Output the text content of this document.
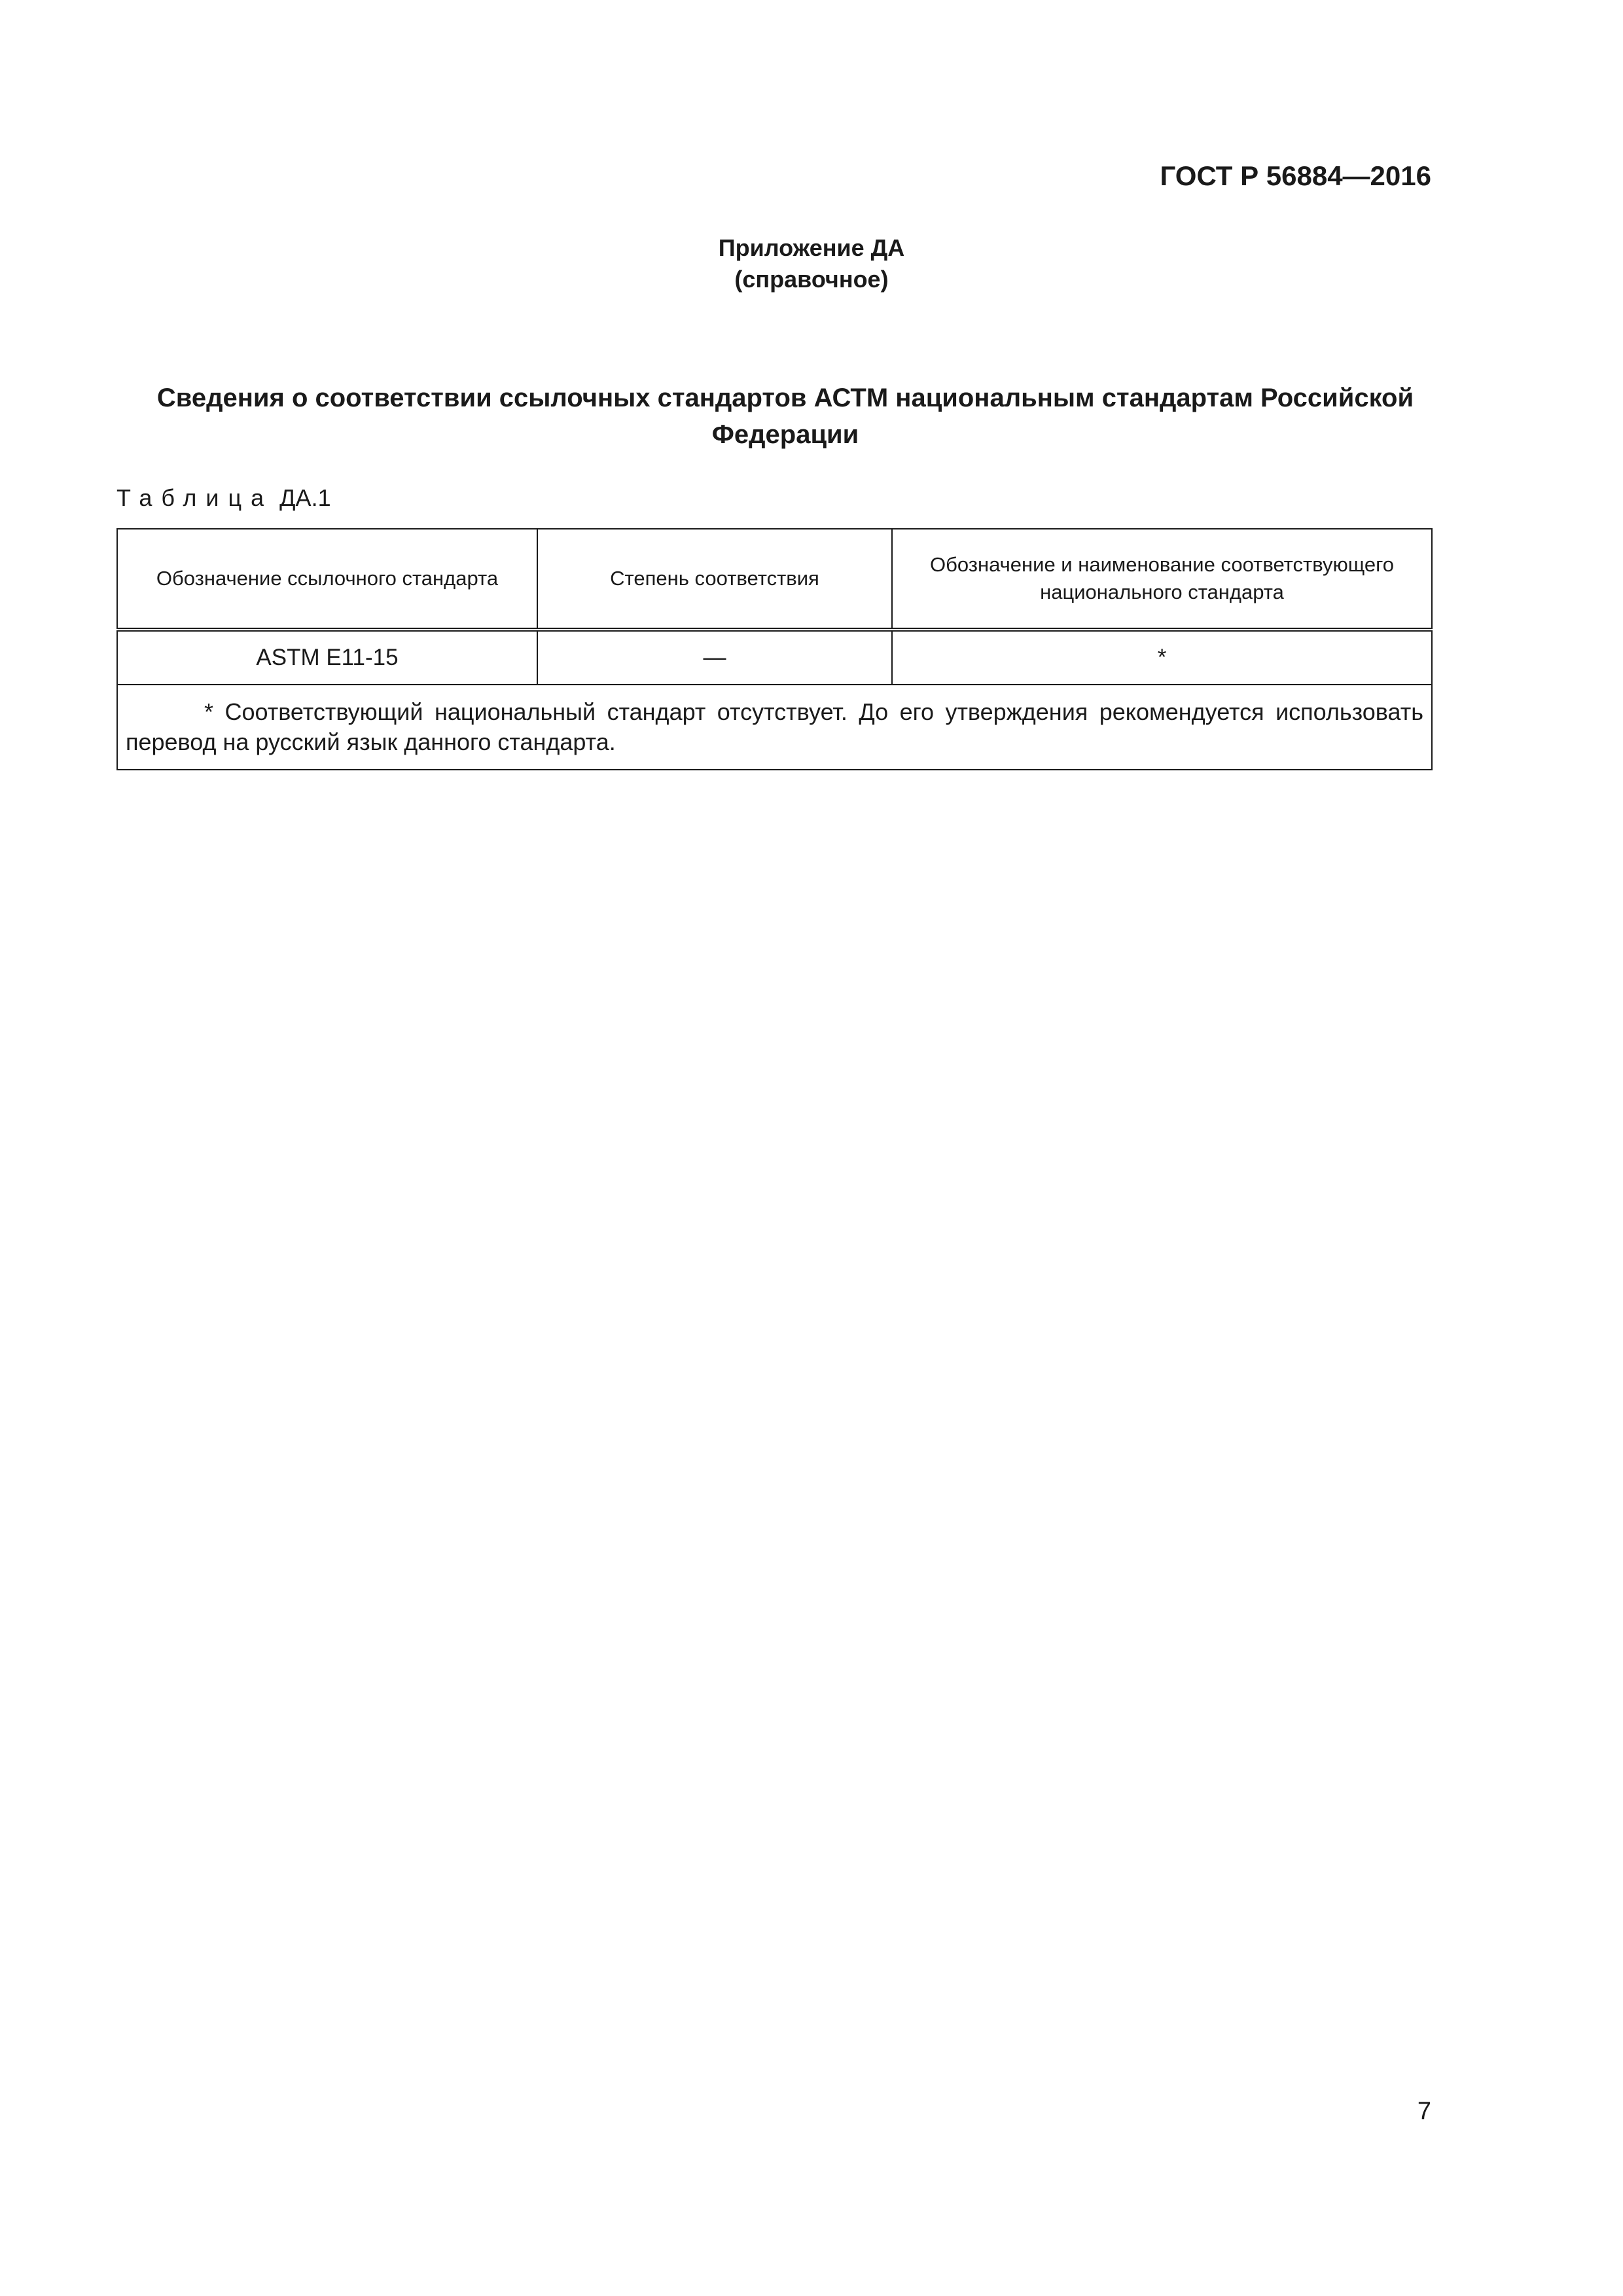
ГОСТ Р 56884—2016
Приложение ДА
(справочное)
Сведения о соответствии ссылочных стандартов АСТМ национальным стандартам Российской Федерации
Таблица ДА.1
Обозначение ссылочного стандарта	Степень соответствия	Обозначение и наименование соответствующего национального стандарта
ASTM E11-15	—	*

* Соответствующий национальный стандарт отсутствует. До его утверждения рекомендуется использовать перевод на русский язык данного стандарта.		
7
